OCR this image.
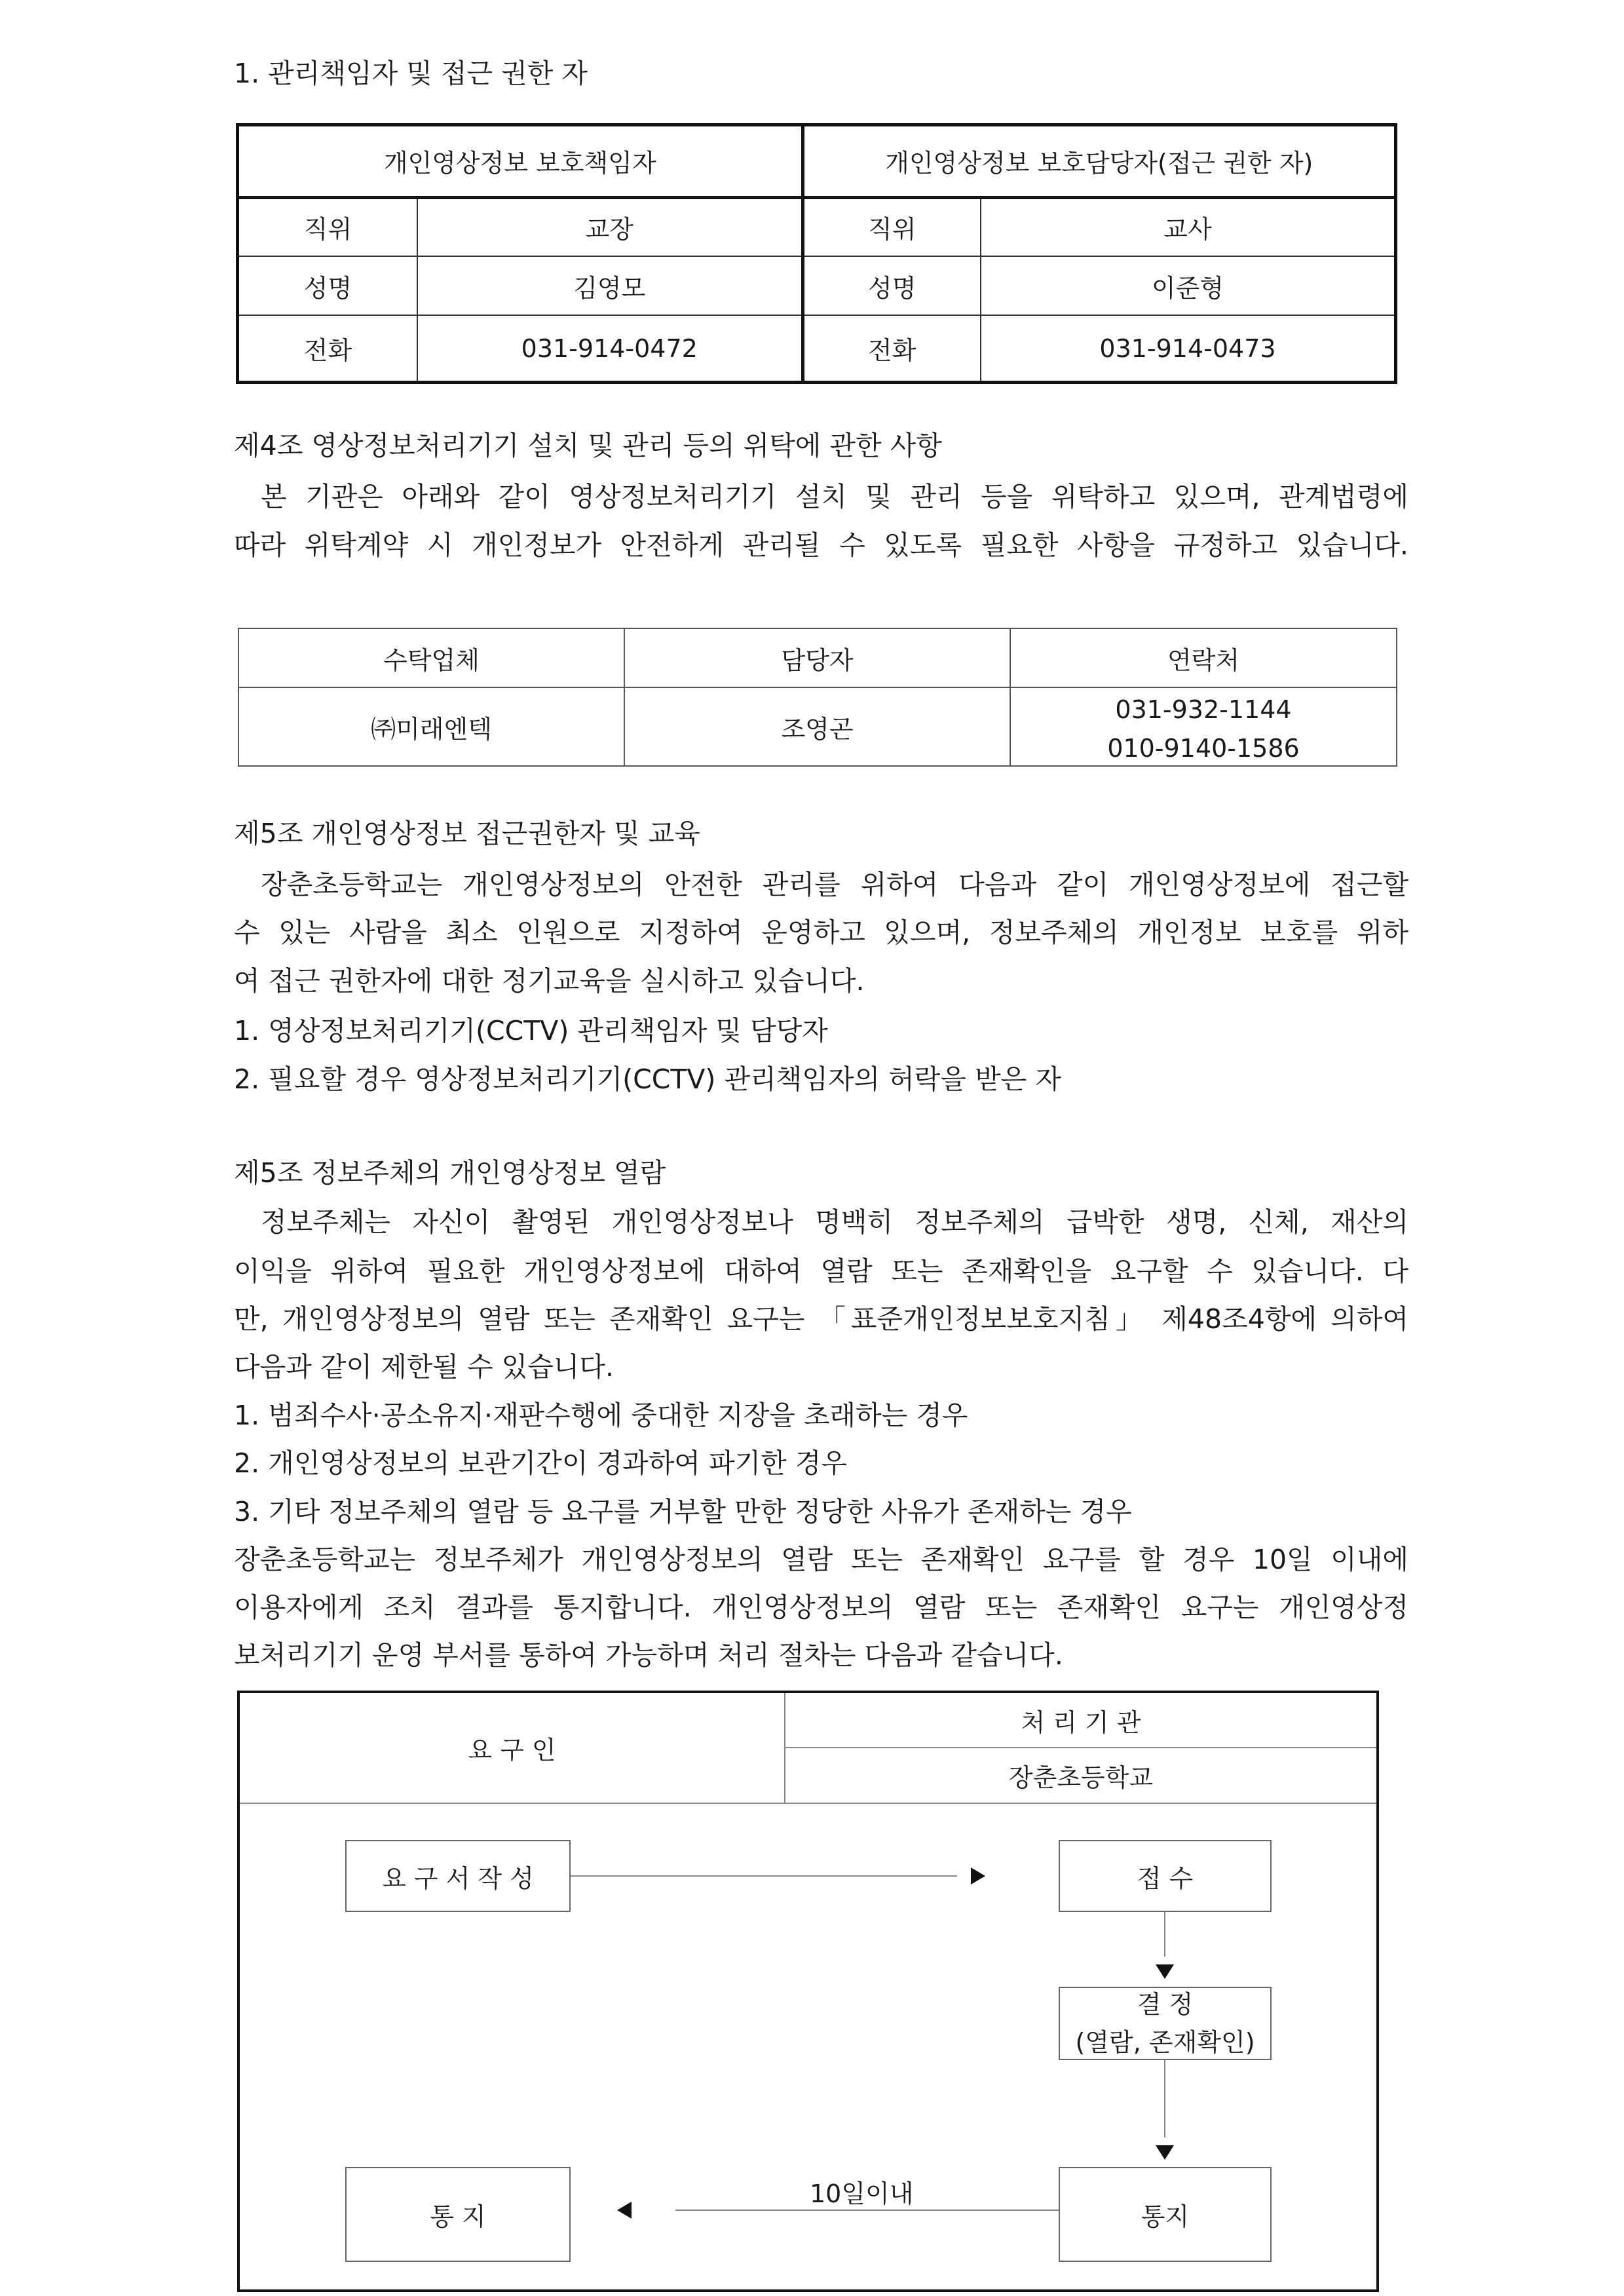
1. 관리책임자 및 접근 권한 자
개인영상정보 보호책임자		개인영상정보 보호담당자(접근 권한 자)	
직위	교장	직위	교사
성명	김영모	성명	이준형
전화	031-914-0472	전화	031-914-0473
제4조 영상정보처리기기 설치 및 관리 등의 위탁에 관한 사항
본 기관은 아래와 같이 영상정보처리기기 설치 및 관리 등을 위탁하고 있으며, 관계법령에
따라 위탁계약 시 개인정보가 안전하게 관리될 수 있도록 필요한 사항을 규정하고 있습니다.
수탁업체	담당자	연락처
㈜미래엔텍	조영곤	031-932-1144
010-9140-1586
제5조 개인영상정보 접근권한자 및 교육
장춘초등학교는 개인영상정보의 안전한 관리를 위하여 다음과 같이 개인영상정보에 접근할
수 있는 사람을 최소 인원으로 지정하여 운영하고 있으며, 정보주체의 개인정보 보호를 위하
여 접근 권한자에 대한 정기교육을 실시하고 있습니다.
1. 영상정보처리기기(CCTV) 관리책임자 및 담당자
2. 필요할 경우 영상정보처리기기(CCTV) 관리책임자의 허락을 받은 자
제5조 정보주체의 개인영상정보 열람
정보주체는 자신이 촬영된 개인영상정보나 명백히 정보주체의 급박한 생명, 신체, 재산의
이익을 위하여 필요한 개인영상정보에 대하여 열람 또는 존재확인을 요구할 수 있습니다. 다
만, 개인영상정보의 열람 또는 존재확인 요구는 「표준개인정보보호지침」 제48조4항에 의하여
다음과 같이 제한될 수 있습니다.
1. 범죄수사·공소유지·재판수행에 중대한 지장을 초래하는 경우
2. 개인영상정보의 보관기간이 경과하여 파기한 경우
3. 기타 정보주체의 열람 등 요구를 거부할 만한 정당한 사유가 존재하는 경우
장춘초등학교는 정보주체가 개인영상정보의 열람 또는 존재확인 요구를 할 경우 10일 이내에
이용자에게 조치 결과를 통지합니다. 개인영상정보의 열람 또는 존재확인 요구는 개인영상정
보처리기기 운영 부서를 통하여 가능하며 처리 절차는 다음과 같습니다.
요 구 인
처 리 기 관
장춘초등학교
요 구 서 작 성	접 수
결 정
(열람, 존재확인)
통 지	통지
10일이내
